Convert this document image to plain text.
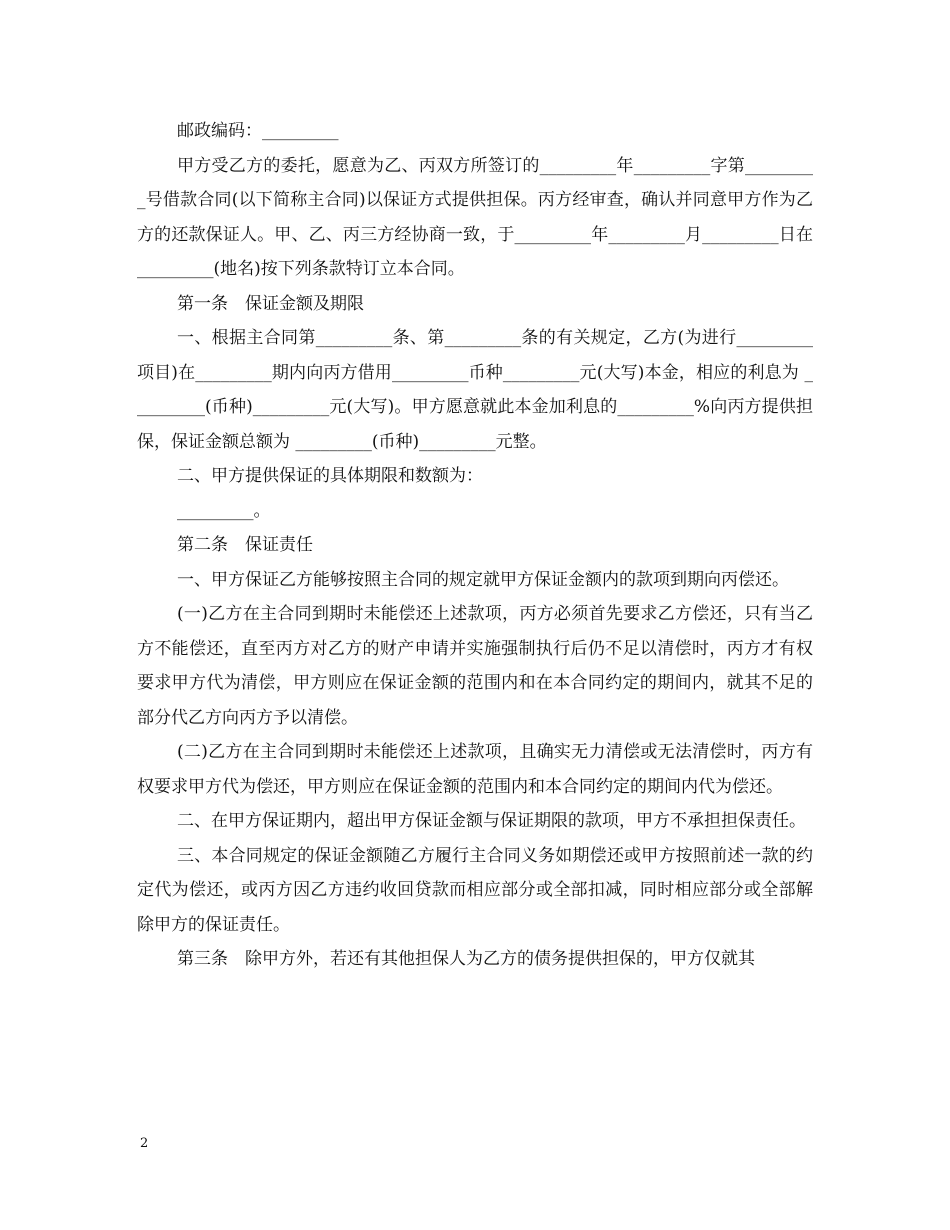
邮政编码：_________

甲方受乙方的委托，愿意为乙、丙双方所签订的_________年_________字第_________号借款合同(以下简称主合同)以保证方式提供担保。丙方经审查，确认并同意甲方作为乙方的还款保证人。甲、乙、丙三方经协商一致，于_________年_________月_________日在_________(地名)按下列条款特订立本合同。

第一条　保证金额及期限

一、根据主合同第_________条、第_________条的有关规定，乙方(为进行_________项目)在_________期内向丙方借用_________币种_________元(大写)本金，相应的利息为 _________(币种)_________元(大写)。甲方愿意就此本金加利息的_________%向丙方提供担保，保证金额总额为 _________(币种)_________元整。

二、甲方提供保证的具体期限和数额为：

_________。

第二条　保证责任

一、甲方保证乙方能够按照主合同的规定就甲方保证金额内的款项到期向丙偿还。

(一)乙方在主合同到期时未能偿还上述款项，丙方必须首先要求乙方偿还，只有当乙方不能偿还，直至丙方对乙方的财产申请并实施强制执行后仍不足以清偿时，丙方才有权要求甲方代为清偿，甲方则应在保证金额的范围内和在本合同约定的期间内，就其不足的部分代乙方向丙方予以清偿。

(二)乙方在主合同到期时未能偿还上述款项，且确实无力清偿或无法清偿时，丙方有权要求甲方代为偿还，甲方则应在保证金额的范围内和本合同约定的期间内代为偿还。

二、在甲方保证期内，超出甲方保证金额与保证期限的款项，甲方不承担担保责任。

三、本合同规定的保证金额随乙方履行主合同义务如期偿还或甲方按照前述一款的约定代为偿还，或丙方因乙方违约收回贷款而相应部分或全部扣减，同时相应部分或全部解除甲方的保证责任。

第三条　除甲方外，若还有其他担保人为乙方的债务提供担保的，甲方仅就其

2
